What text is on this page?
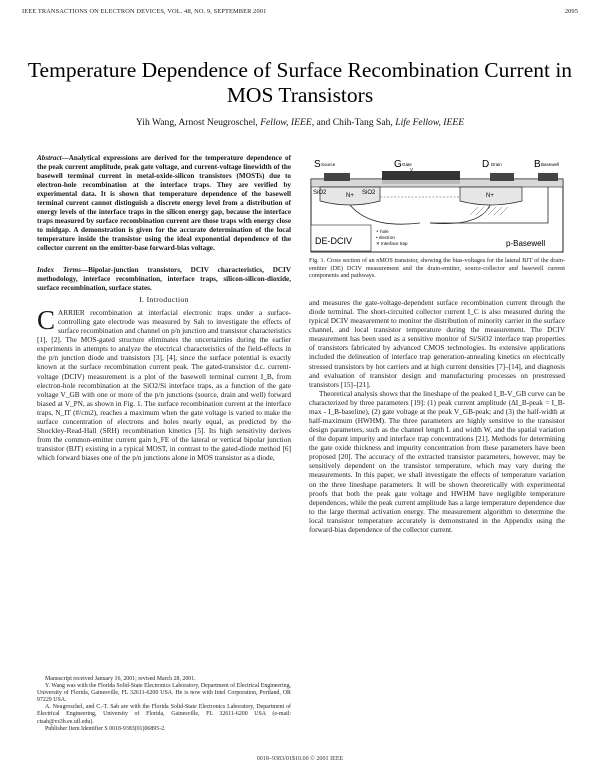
IEEE TRANSACTIONS ON ELECTRON DEVICES, VOL. 48, NO. 9, SEPTEMBER 2001	2095
Temperature Dependence of Surface Recombination Current in MOS Transistors
Yih Wang, Arnost Neugroschel, Fellow, IEEE, and Chih-Tang Sah, Life Fellow, IEEE
Abstract—Analytical expressions are derived for the temperature dependence of the peak current amplitude, peak gate voltage, and current-voltage linewidth of the basewell terminal current in metal-oxide-silicon transistors (MOSTs) due to electron-hole recombination at the interface traps. They are verified by experimental data. It is shown that temperature dependence of the basewell terminal current cannot distinguish a discrete energy level from a distribution of energy levels of the interface traps in the silicon energy gap, because the interface traps measured by surface recombination current are those traps with energy close to midgap. A demonstration is given for the accurate determination of the local temperature inside the transistor using the ideal exponential dependence of the collector current on the emitter-base forward-bias voltage.
Index Terms—Bipolar-junction transistors, DCIV characteristics, DCIV methodology, interface recombination, interface traps, silicon-silicon-dioxide, surface recombination, surface states.
I. Introduction
C ARRIER recombination at interfacial electronic traps under a surface-controlling gate electrode was measured by Sah to investigate the effects of surface recombination and channel on p/n junction and transistor characteristics [1], [2]. The MOS-gated structure eliminates the uncertainties during the earlier experiments in attempts to analyze the electrical characteristics of the field-effects in the p/n junction diode and transistors [3], [4], since the surface potential is exactly known at the surface recombination current peak. The gated-transistor d.c. current-voltage (DCIV) measurement is a plot of the basewell terminal current I_B, from electron-hole recombination at the SiO2/Si interface traps, as a function of the gate voltage V_GB with one or more of the p/n junctions (source, drain and well) forward biased at V_PN, as shown in Fig. 1. The surface recombination current at the interface traps, N_IT (#/cm2), reaches a maximum when the gate voltage is varied to make the surface concentration of electrons and holes nearly equal, as predicted by the Shockley-Read-Hall (SRH) recombination kinetics [5]. Its high sensitivity derives from the common-emitter current gain h_FE of the lateral or vertical bipolar junction transistor (BJT) existing in a typical MOST, in contrast to the gated-diode method [6] which forward biases one of the p/n junctions alone in MOS transistor as a diode,

Manuscript received January 16, 2001; revised March 28, 2001.

Y. Wang was with the Florida Solid-State Electronics Laboratory, Department of Electrical Engineering, University of Florida, Gainesville, FL 32611-6200 USA. He is now with Intel Corporation, Portland, OR 97229 USA.

A. Neugroschel, and C.-T. Sah are with the Florida Solid-State Electronics Laboratory, Department of Electrical Engineering, University of Florida, Gainesville, FL 32611-6200 USA (e-mail: ctsah@vs3b.ee.ufl.edu).

Publisher Item Identifier S 0018-9383(01)06895-2.

S Source	G Gate
V	D Drain	B Basewell
SiO2	SiO2
N+	N+
DE-DCIV
∘ hole
• electron
✕ Interface trap	p-Basewell
Fig. 1. Cross section of an nMOS transistor, showing the bias-voltages for the lateral BJT of the drain-emitter (DE) DCIV measurement and the drain-emitter, source-collector and basewell current components and pathways.

and measures the gate-voltage-dependent surface recombination current through the diode terminal. The short-circuited collector current I_C is also measured during the typical DCIV measurement to monitor the distribution of minority carrier in the surface channel, and local transistor temperature during the measurement. The DCIV measurement has been used as a sensitive monitor of Si/SiO2 interface trap properties of transistors fabricated by advanced CMOS technologies. Its extensive applications included the delineation of interface trap generation-annealing kinetics on electrically stressed transistors by hot carriers and at high current densities [7]–[14], and diagnosis and evaluation of transistor design and manufacturing processes on prestressed transistors [15]–[21].

Theoretical analysis shows that the lineshape of the peaked I_B-V_GB curve can be characterized by three parameters [19]: (1) peak current amplitude (ΔI_B-peak = I_B-max - I_B-baseline), (2) gate voltage at the peak V_GB-peak; and (3) the half-width at half-maximum (HWHM). The three parameters are highly sensitive to the transistor design parameters, such as the channel length L and width W, and the spatial variation of the dopant impurity and interface trap concentrations [21]. Methods for determining the gate oxide thickness and impurity concentration from these parameters have been proposed [20]. The accuracy of the extracted transistor parameters, however, may be sensitively dependent on the transistor temperature, which may vary during the measurements. In this paper, we shall investigate the effects of temperature variation on the three lineshape parameters. It will be shown theoretically with experimental proofs that both the peak gate voltage and HWHM have negligible temperature dependences, while the peak current amplitude has a large temperature dependence due to the large thermal activation energy. The measurement algorithm to determine the local transistor temperature accurately is demonstrated in the Appendix using the forward-bias dependence of the collector current.

0018–9383/01$10.00 © 2001 IEEE
